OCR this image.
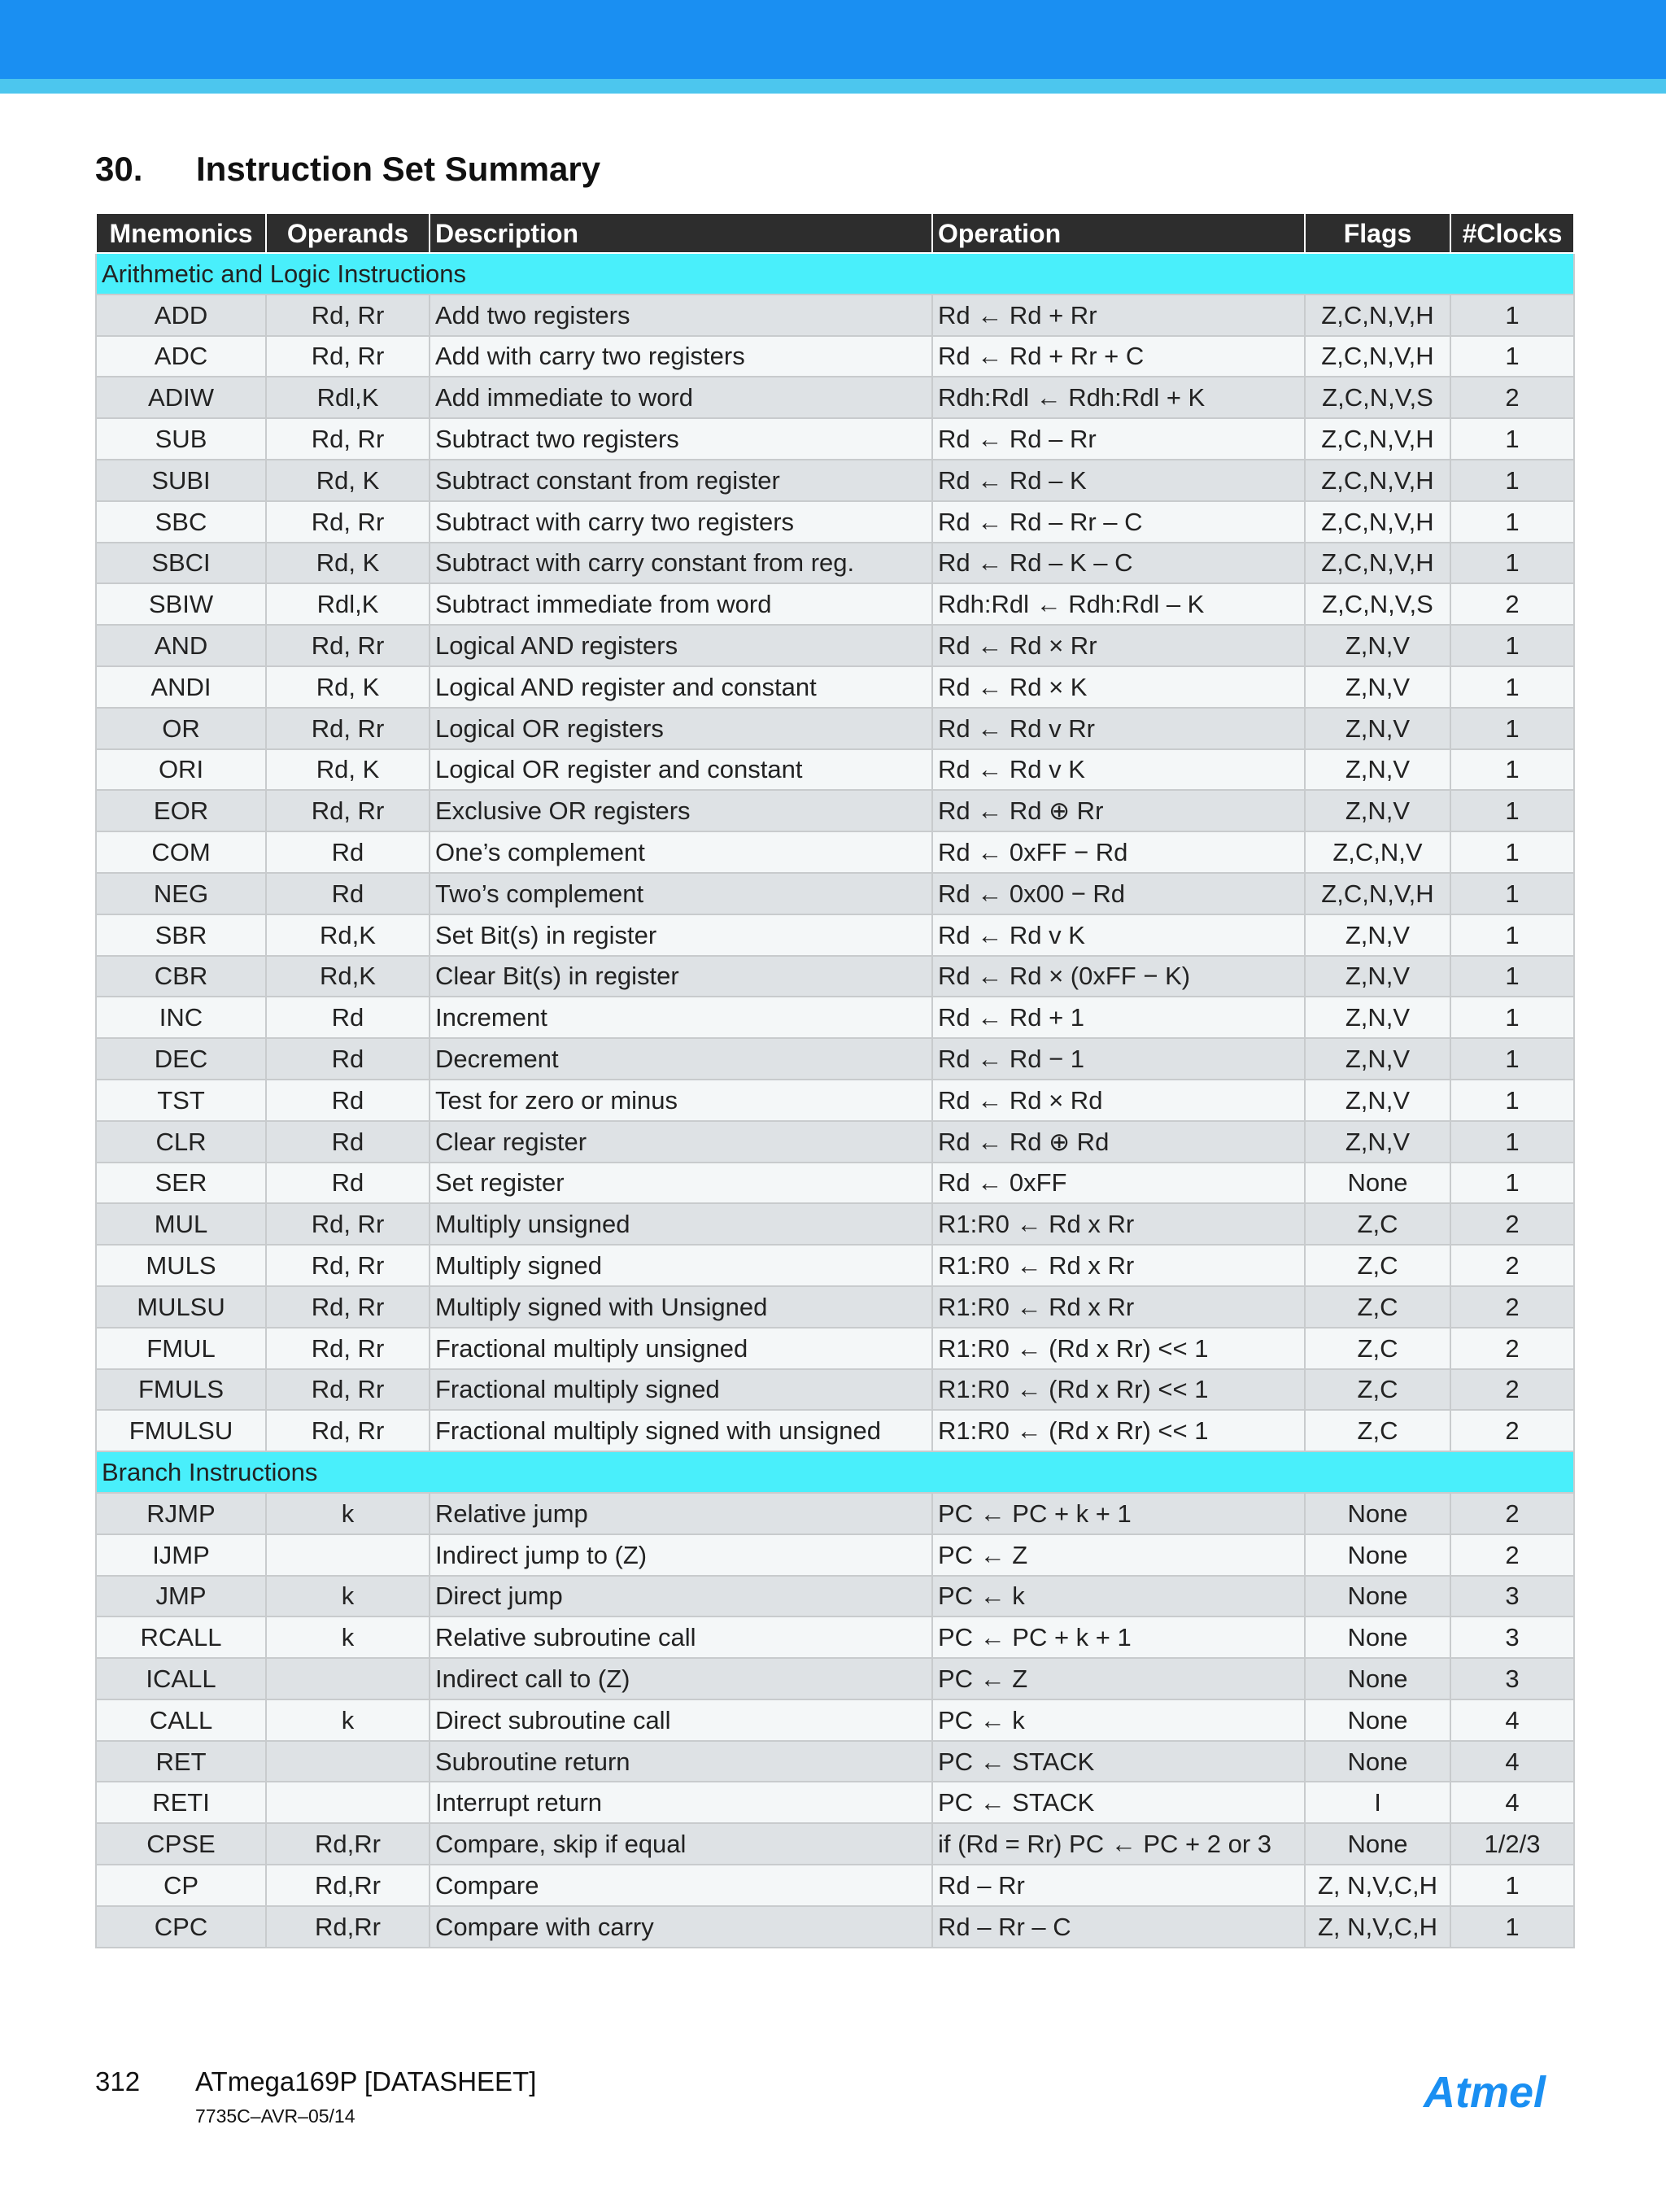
30. Instruction Set Summary
Mnemonics	Operands	Description	Operation	Flags	#Clocks
Arithmetic and Logic Instructions					
ADD	Rd, Rr	Add two registers	Rd ← Rd + Rr	Z,C,N,V,H	1
ADC	Rd, Rr	Add with carry two registers	Rd ← Rd + Rr + C	Z,C,N,V,H	1
ADIW	Rdl,K	Add immediate to word	Rdh:Rdl ← Rdh:Rdl + K	Z,C,N,V,S	2
SUB	Rd, Rr	Subtract two registers	Rd ← Rd – Rr	Z,C,N,V,H	1
SUBI	Rd, K	Subtract constant from register	Rd ← Rd – K	Z,C,N,V,H	1
SBC	Rd, Rr	Subtract with carry two registers	Rd ← Rd – Rr – C	Z,C,N,V,H	1
SBCI	Rd, K	Subtract with carry constant from reg.	Rd ← Rd – K – C	Z,C,N,V,H	1
SBIW	Rdl,K	Subtract immediate from word	Rdh:Rdl ← Rdh:Rdl – K	Z,C,N,V,S	2
AND	Rd, Rr	Logical AND registers	Rd ← Rd × Rr	Z,N,V	1
ANDI	Rd, K	Logical AND register and constant	Rd ← Rd × K	Z,N,V	1
OR	Rd, Rr	Logical OR registers	Rd ← Rd v Rr	Z,N,V	1
ORI	Rd, K	Logical OR register and constant	Rd ← Rd v K	Z,N,V	1
EOR	Rd, Rr	Exclusive OR registers	Rd ← Rd ⊕ Rr	Z,N,V	1
COM	Rd	One’s complement	Rd ← 0xFF − Rd	Z,C,N,V	1
NEG	Rd	Two’s complement	Rd ← 0x00 − Rd	Z,C,N,V,H	1
SBR	Rd,K	Set Bit(s) in register	Rd ← Rd v K	Z,N,V	1
CBR	Rd,K	Clear Bit(s) in register	Rd ← Rd × (0xFF − K)	Z,N,V	1
INC	Rd	Increment	Rd ← Rd + 1	Z,N,V	1
DEC	Rd	Decrement	Rd ← Rd − 1	Z,N,V	1
TST	Rd	Test for zero or minus	Rd ← Rd × Rd	Z,N,V	1
CLR	Rd	Clear register	Rd ← Rd ⊕ Rd	Z,N,V	1
SER	Rd	Set register	Rd ← 0xFF	None	1
MUL	Rd, Rr	Multiply unsigned	R1:R0 ← Rd x Rr	Z,C	2
MULS	Rd, Rr	Multiply signed	R1:R0 ← Rd x Rr	Z,C	2
MULSU	Rd, Rr	Multiply signed with Unsigned	R1:R0 ← Rd x Rr	Z,C	2
FMUL	Rd, Rr	Fractional multiply unsigned	R1:R0 ← (Rd x Rr) << 1	Z,C	2
FMULS	Rd, Rr	Fractional multiply signed	R1:R0 ← (Rd x Rr) << 1	Z,C	2
FMULSU	Rd, Rr	Fractional multiply signed with unsigned	R1:R0 ← (Rd x Rr) << 1	Z,C	2
Branch Instructions					
RJMP	k	Relative jump	PC ← PC + k + 1	None	2
IJMP		Indirect jump to (Z)	PC ← Z	None	2
JMP	k	Direct jump	PC ← k	None	3
RCALL	k	Relative subroutine call	PC ← PC + k + 1	None	3
ICALL		Indirect call to (Z)	PC ← Z	None	3
CALL	k	Direct subroutine call	PC ← k	None	4
RET		Subroutine return	PC ← STACK	None	4
RETI		Interrupt return	PC ← STACK	I	4
CPSE	Rd,Rr	Compare, skip if equal	if (Rd = Rr) PC ← PC + 2 or 3	None	1/2/3
CP	Rd,Rr	Compare	Rd – Rr	Z, N,V,C,H	1
CPC	Rd,Rr	Compare with carry	Rd – Rr – C	Z, N,V,C,H	1
312 ATmega169P [DATASHEET]
7735C–AVR–05/14	Atmel
